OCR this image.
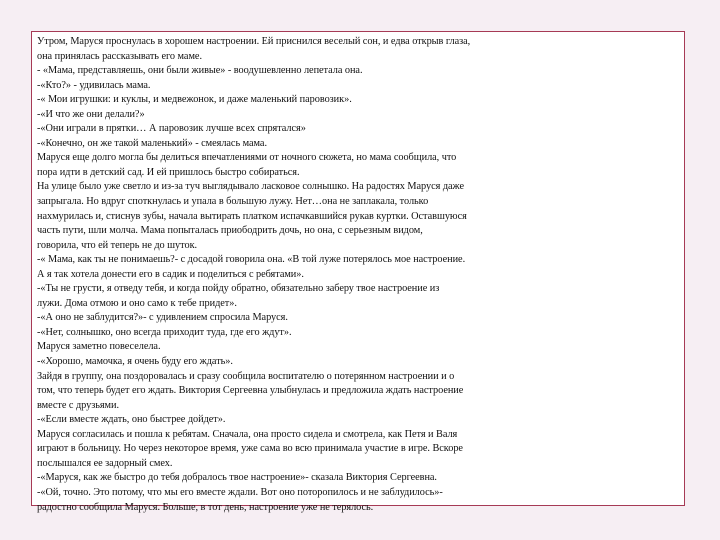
Утром, Маруся проснулась в хорошем настроении. Ей приснился веселый сон, и едва открыв глаза,
она принялась рассказывать его маме.
- «Мама, представляешь, они были живые» - воодушевленно лепетала она.
-«Кто?» - удивилась мама.
-« Мои игрушки: и куклы, и медвежонок, и даже маленький паровозик».
-«И что же они делали?»
-«Они играли в прятки… А паровозик лучше всех спрятался»
-«Конечно, он же такой маленький» - смеялась мама.
Маруся еще долго могла бы делиться впечатлениями от ночного сюжета, но мама сообщила, что
пора идти в детский сад. И ей пришлось быстро собираться.
На улице было уже светло и из-за туч выглядывало ласковое солнышко. На радостях Маруся даже
запрыгала. Но вдруг споткнулась и упала в большую лужу. Нет…она не заплакала, только
нахмурилась и, стиснув зубы, начала вытирать платком испачкавшийся рукав куртки. Оставшуюся
часть пути, шли молча. Мама попыталась приободрить дочь, но она, с серьезным видом,
говорила, что ей теперь не до шуток.
-« Мама, как ты не понимаешь?- с досадой говорила она. «В той луже потерялось мое настроение.
А я так хотела донести его в садик и поделиться с ребятами».
-«Ты не грусти, я отведу тебя, и когда пойду обратно, обязательно заберу твое настроение из
лужи. Дома отмою и оно само к тебе придет».
-«А оно не заблудится?»- с удивлением спросила Маруся.
-«Нет, солнышко, оно всегда приходит туда, где его ждут».
Маруся заметно повеселела.
-«Хорошо, мамочка, я очень буду его ждать».
Зайдя в группу, она поздоровалась и сразу сообщила воспитателю о потерянном настроении и о
том, что теперь будет его ждать. Виктория Сергеевна улыбнулась и предложила ждать настроение
вместе с друзьями.
-«Если вместе ждать, оно быстрее дойдет».
Маруся согласилась и пошла к ребятам. Сначала, она просто сидела и смотрела, как Петя и Валя
играют в больницу. Но через некоторое время, уже сама во всю принимала участие в игре. Вскоре
послышался ее задорный смех.
-«Маруся, как же быстро до тебя добралось твое настроение»- сказала Виктория Сергеевна.
-«Ой, точно. Это потому, что мы его вместе ждали. Вот оно поторопилось и не заблудилось»-
радостно сообщила Маруся. Больше, в тот день, настроение уже не терялось.
